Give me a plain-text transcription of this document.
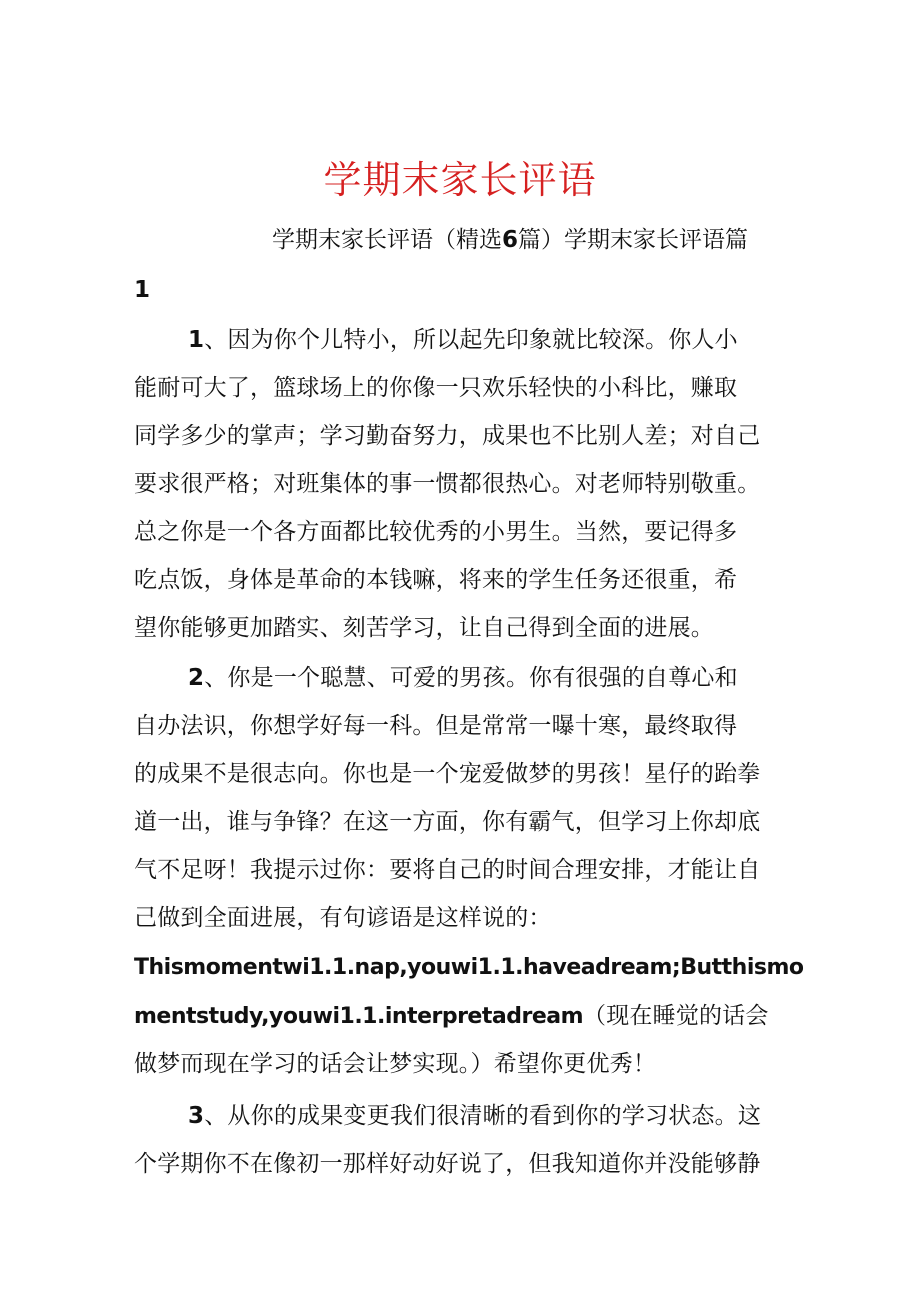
学期末家长评语
学期末家长评语（精选6篇）学期末家长评语篇
1
1、因为你个儿特小，所以起先印象就比较深。你人小
能耐可大了，篮球场上的你像一只欢乐轻快的小科比，赚取
同学多少的掌声；学习勤奋努力，成果也不比别人差；对自己
要求很严格；对班集体的事一惯都很热心。对老师特别敬重。
总之你是一个各方面都比较优秀的小男生。当然，要记得多
吃点饭，身体是革命的本钱嘛，将来的学生任务还很重，希
望你能够更加踏实、刻苦学习，让自己得到全面的进展。
2、你是一个聪慧、可爱的男孩。你有很强的自尊心和
自办法识，你想学好每一科。但是常常一曝十寒，最终取得
的成果不是很志向。你也是一个宠爱做梦的男孩！星仔的跆拳
道一出，谁与争锋？在这一方面，你有霸气，但学习上你却底
气不足呀！我提示过你：要将自己的时间合理安排，才能让自
己做到全面进展，有句谚语是这样说的：
Thismomentwi1.1.nap,youwi1.1.haveadream;Butthismo
mentstudy,youwi1.1.interpretadream（现在睡觉的话会
做梦而现在学习的话会让梦实现。）希望你更优秀！
3、从你的成果变更我们很清晰的看到你的学习状态。这
个学期你不在像初一那样好动好说了，但我知道你并没能够静
